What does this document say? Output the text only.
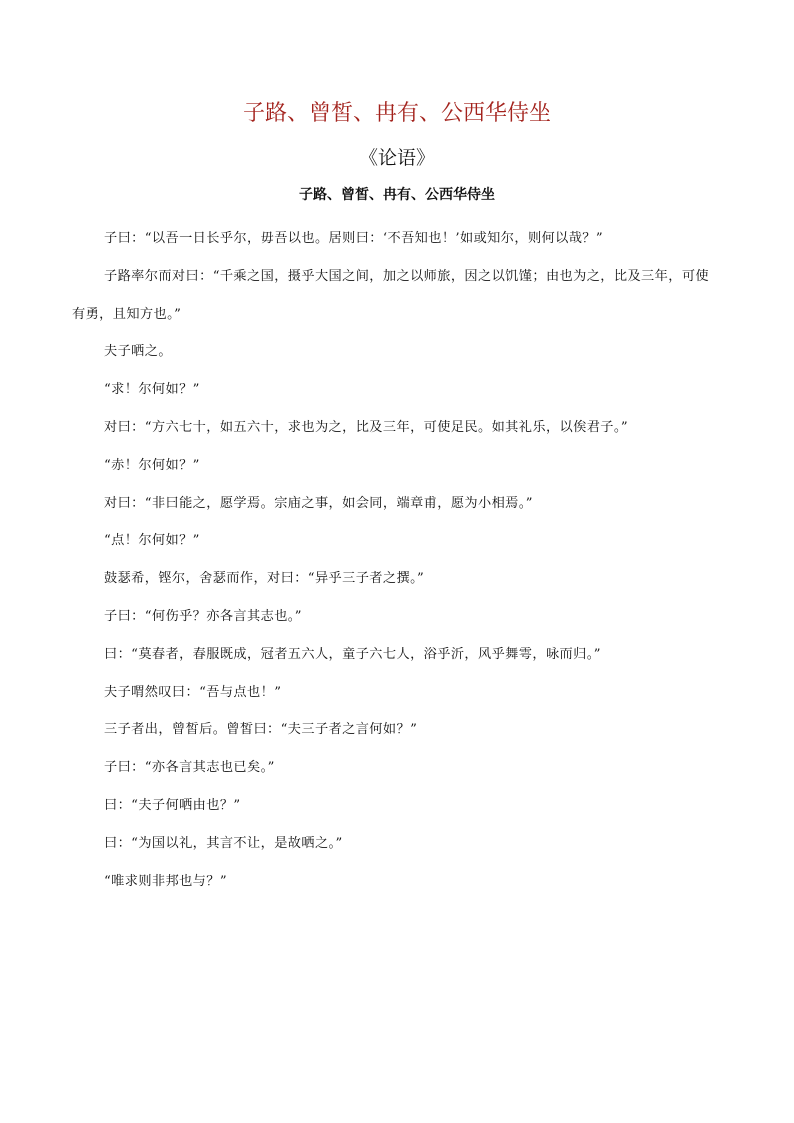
子路、曾皙、冉有、公西华侍坐
《论语》
子路、曾皙、冉有、公西华侍坐

子曰：“以吾一日长乎尔，毋吾以也。居则曰：‘不吾知也！’如或知尔，则何以哉？”

子路率尔而对曰：“千乘之国，摄乎大国之间，加之以师旅，因之以饥馑；由也为之，比及三年，可使有勇，且知方也。”

夫子哂之。

“求！尔何如？”

对曰：“方六七十，如五六十，求也为之，比及三年，可使足民。如其礼乐，以俟君子。”

“赤！尔何如？”

对曰：“非曰能之，愿学焉。宗庙之事，如会同，端章甫，愿为小相焉。”

“点！尔何如？”

鼓瑟希，铿尔，舍瑟而作，对曰：“异乎三子者之撰。”

子曰：“何伤乎？亦各言其志也。”

曰：“莫春者，春服既成，冠者五六人，童子六七人，浴乎沂，风乎舞雩，咏而归。”

夫子喟然叹曰：“吾与点也！”

三子者出，曾皙后。曾皙曰：“夫三子者之言何如？”

子曰：“亦各言其志也已矣。”

曰：“夫子何哂由也？”

曰：“为国以礼，其言不让，是故哂之。”

“唯求则非邦也与？”
